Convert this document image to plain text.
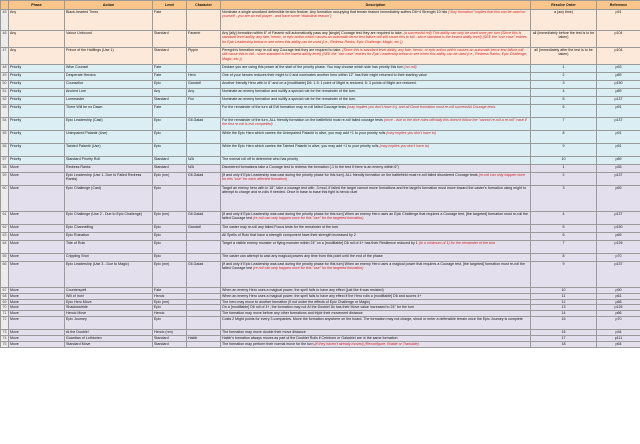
	Phase	Action	Level	Character	Description	Resolve Order	Reference
45	Any	Black-hearted Trees	Fate		Nominate a single woodland defensible terrain feature. Any formation occupying that terrain feature immediately suffers D6+4 Strength 10 hits ("Any formation" implies that this can be used on yourself - you are an evil player - and have some "diabolical reason")	a (any time)	p91
46	Any	Valour Unbound	Standard	Faramir	Any [ally] formation within 6" of Faramir will automatically pass any [single] Courage test they are required to take. (a successful roll) This ability can only be used once per turn (Since this is standard level ability, any fate, heroic, or epic action which causes an automatic terror test failure will still cause this to fail - since standard is the lowest ability level) (SEE the "use case" entries for Epic Leadership below to see when this ability can be used (i.e., Redress Ranks, Epic Challenge, Magic, etc.))	all (immediately before the test is to be taken)	p104
47	Any	Prince of the Halflings (Use 1)	Standard	Pippin	Peregrin's formation may re-roll any Courage test they are required to take. (Since this is standard level ability, any fate, heroic, or epic action which causes an automatic terror test failure will still cause this to fail - since standard is the lowest ability level) (SEE the "use case" entries for Epic Leadership below to see when this ability can be used (i.e., Redress Ranks, Epic Challenge, Magic, etc.))	all (immediately after the test is to be taken)	p104
48	Priority	Wise Counsel	Fate		Declare you are using this power at the start of the priority phase. You may choose which side has priority this turn (no roll)	1	p93
49	Priority	Desperate Heroics	Fate	Hero	One of your heroes reduces their might to 0 and nominates another hero within 12" has their might returned to their starting value	2	p89
50	Priority	Counsellor	Epic	Gandalf	Another friendly Hero with in 6" and on a [modifiable] D6: 1-5: 1 point of Might is restored. 6: 3 points of Might are restored.	3	p150
51	Priority	Ancient Lore	Any	Any	Nominate an enemy formation and nullify a special rule for the remainder of the turn.	4	p89
52	Priority	Loremaster	Standard	Floi	Nominate an enemy formation and nullify a special rule for the remainder of the turn.	5	p137
53	Priority	There Will be no Dawn	Fate		For the remainder of the turn all Evil formation may re-roll failed Courage tests (may implies you don't have to), and all Good formation must re-roll successful Courage tests.	6	p91
54	Priority	Epic Leadership (Cast)	Epic	Gil-Galad	For the remainder of the turn, ALL friendly formation on the battlefield must re-roll failed courage tests (once - due to the dice rules officially this doesn't follow the "cannot re-roll a re-roll" case if the first re-roll is evil compelled)	7	p137
55	Priority	Unimpaired Palantir (Use)	Epic		While the Epic Hero which carries the Unimpaired Palantir is alive, you may add +1 to your priority rolls (may implies you don't have to)	8	p91
56	Priority	Tainted Palantir (Use)	Epic		While the Epic Hero which carries the Tainted Palantir is alive, you may add +1 to your priority rolls (may implies you don't have to)	9	p91
57	Priority	Standard Priority Roll	Standard	N/A	The normal roll off to determine who has priority	10	p89
58	Move	Redress Ranks	Standard	N/A	Disordered formations take a Courage test to redress the formation (-1 to the test if there is an enemy within 6")	1	p35
59	Move	Epic Leadership (Use 1- Due to Failed Redress Ranks)	Epic (nm)	Gil-Galad	[If and only if Epic Leadership was cast during the priority phase for this turn]. ALL friendly formation on the battlefield must re-roll failed disordered Courage tests (re-roll can only happen once for this "use" for each affected formation)	2	p137
60	Move	Epic Challenge (Cast)	Epic		Target an enemy hero with in 18", take a courage test with -3 mod, if failed the target cannot move formations and the target's formation must move toward the caster's formation using might to attempt to charge and re-rolls if needed. Once in base to base this fight is heroic duel	3	p69
61	Move	Epic Challenge (Use 2 - Due to Epic Challenge)	Epic (nm)	Gil-Galad	[If and only if Epic Leadership was cast during the priority phase for this turn] When an enemy Hero uses an Epic Challenge that requires a Courage test, [the targeted] formation must re-roll the failed Courage test (re-roll can only happen once for this "use" for the targeted formation)	4	p137
62	Move	Epic Channelling	Epic	Gandalf	The caster may re-roll any failed Focus tests for the remainder of the turn	5	p150
63	Move	Epic Ruination	Epic		All Spells of Ruin that have a strength component have their strength increased by 2	6	p69
64	Move	Tide of Ruin	Epic		Target a visible enemy monster or flying monster within 24" on a [modifiable] D6 roll of 4+ has their Resilience reduced by 1 (to a minimum of 1) for the remainder of the turn	7	p126
65	Move	Crippling Shot	Epic		The caster can attempt to cast any magical powers any time from this point until the end of the phase	8	p70
66	Move	Epic Leadership (Use 3 - Due to Magic)	Epic (nm)	Gil-Galad	[If and only if Epic Leadership was cast during the priority phase for this turn] When an enemy Hero uses a magical power that requires a Courage test, [the targeted] formation must re-roll the failed Courage test (re-roll can only happen once for this "use" for the targeted formation)	9	p137
67	Move	Counterspell	Fate		When an enemy Hero uses a magical power, the spell fails to have any effect (just like it was resisted)	10	p90
68	Move	Will of Iron!	Heroic		When an enemy Hero uses a magical power, the spell fails to have any effect if the Hero rolls a [modifiable] D6 and scores 4+	11	p61
69	Move	Epic Hero Move	Epic (nm)		The hero may move to another formation (if not under the effects of Epic Challenge or Magic)	12	p68
70	Move	Shadowstride	Epic		On a [modifiable] D6 roll of 4+, the formation may not At the Double! 8x has their Move value increased to 24" for the turn	13	p126
71	Move	Heroic Move	Heroic		The formation may move before any other formations and triple their movement distance	14	p66
72	Move	Epic Journey	Epic		Costs 2 Might points for every 3 companies. Move the formation anywhere on the board. The formation may not charge, shoot or enter a defensible terrain once the Epic Journey is complete	15	p70
73	Move	At the Double!	Heroic (nm)		The formation may move double their move distance	16	p34
74	Move	Guardian of Lothlorien	Standard	Haldir	Haldir's formation always moves as part of the Doublet Rolls if Celeborn or Galadriel are in the same formation	17	p111
75	Move	Standard Move	Standard		The formation may perform their normal move for the turn (if they haven't already moved) (Reconfigure, Rotate or Translate)	18	p64
